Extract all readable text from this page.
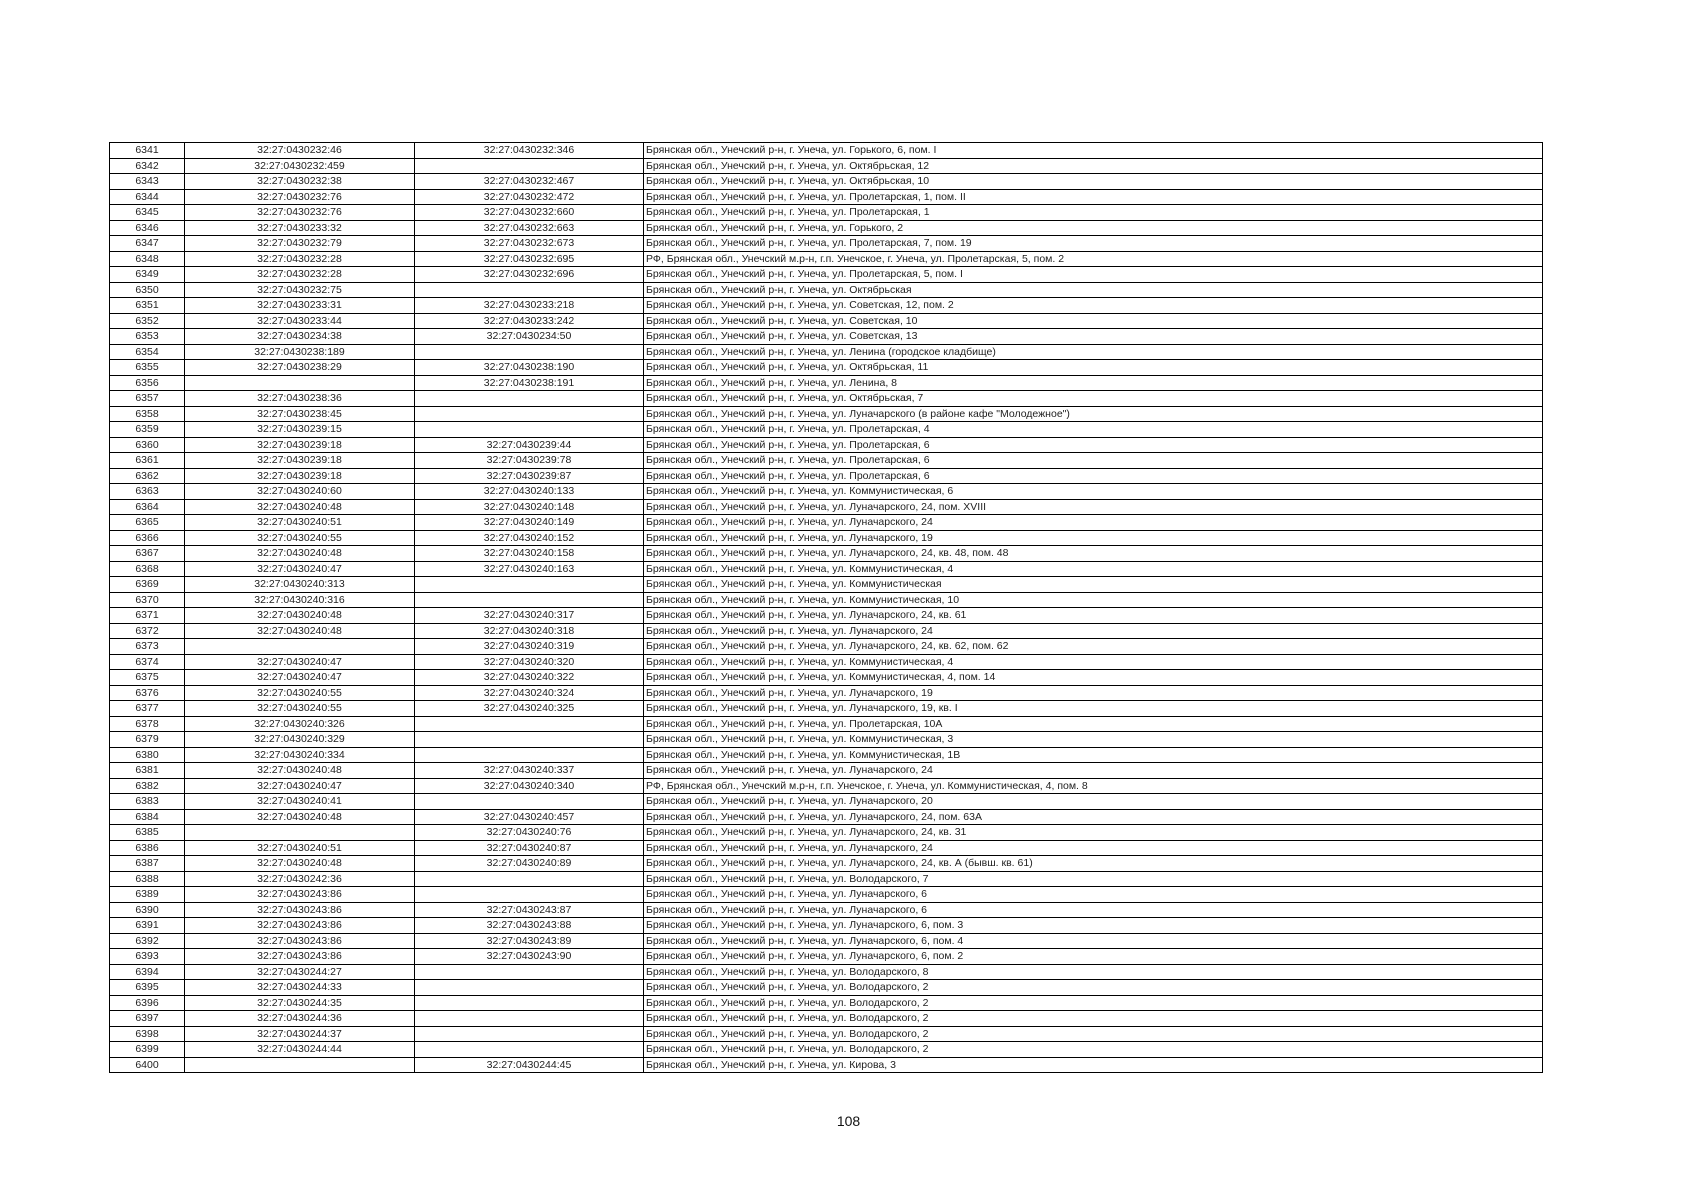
6341	32:27:0430232:46	32:27:0430232:346	Брянская обл., Унечский р-н, г. Унеча, ул. Горького, 6, пом. I
6342	32:27:0430232:459		Брянская обл., Унечский р-н, г. Унеча, ул. Октябрьская, 12
6343	32:27:0430232:38	32:27:0430232:467	Брянская обл., Унечский р-н, г. Унеча, ул. Октябрьская, 10
6344	32:27:0430232:76	32:27:0430232:472	Брянская обл., Унечский р-н, г. Унеча, ул. Пролетарская, 1, пом. II
6345	32:27:0430232:76	32:27:0430232:660	Брянская обл., Унечский р-н, г. Унеча, ул. Пролетарская, 1
6346	32:27:0430233:32	32:27:0430232:663	Брянская обл., Унечский р-н, г. Унеча, ул. Горького, 2
6347	32:27:0430232:79	32:27:0430232:673	Брянская обл., Унечский р-н, г. Унеча, ул. Пролетарская, 7, пом. 19
6348	32:27:0430232:28	32:27:0430232:695	РФ, Брянская обл., Унечский м.р-н, г.п. Унечское, г. Унеча, ул. Пролетарская, 5, пом. 2
6349	32:27:0430232:28	32:27:0430232:696	Брянская обл., Унечский р-н, г. Унеча, ул. Пролетарская, 5, пом. I
6350	32:27:0430232:75		Брянская обл., Унечский р-н, г. Унеча, ул. Октябрьская
6351	32:27:0430233:31	32:27:0430233:218	Брянская обл., Унечский р-н, г. Унеча, ул. Советская, 12, пом. 2
6352	32:27:0430233:44	32:27:0430233:242	Брянская обл., Унечский р-н, г. Унеча, ул. Советская, 10
6353	32:27:0430234:38	32:27:0430234:50	Брянская обл., Унечский р-н, г. Унеча, ул. Советская, 13
6354	32:27:0430238:189		Брянская обл., Унечский р-н, г. Унеча, ул. Ленина (городское кладбище)
6355	32:27:0430238:29	32:27:0430238:190	Брянская обл., Унечский р-н, г. Унеча, ул. Октябрьская, 11
6356		32:27:0430238:191	Брянская обл., Унечский р-н, г. Унеча, ул. Ленина, 8
6357	32:27:0430238:36		Брянская обл., Унечский р-н, г. Унеча, ул. Октябрьская, 7
6358	32:27:0430238:45		Брянская обл., Унечский р-н, г. Унеча, ул. Луначарского (в районе кафе "Молодежное")
6359	32:27:0430239:15		Брянская обл., Унечский р-н, г. Унеча, ул. Пролетарская, 4
6360	32:27:0430239:18	32:27:0430239:44	Брянская обл., Унечский р-н, г. Унеча, ул. Пролетарская, 6
6361	32:27:0430239:18	32:27:0430239:78	Брянская обл., Унечский р-н, г. Унеча, ул. Пролетарская, 6
6362	32:27:0430239:18	32:27:0430239:87	Брянская обл., Унечский р-н, г. Унеча, ул. Пролетарская, 6
6363	32:27:0430240:60	32:27:0430240:133	Брянская обл., Унечский р-н, г. Унеча, ул. Коммунистическая, 6
6364	32:27:0430240:48	32:27:0430240:148	Брянская обл., Унечский р-н, г. Унеча, ул. Луначарского, 24, пом. XVIII
6365	32:27:0430240:51	32:27:0430240:149	Брянская обл., Унечский р-н, г. Унеча, ул. Луначарского, 24
6366	32:27:0430240:55	32:27:0430240:152	Брянская обл., Унечский р-н, г. Унеча, ул. Луначарского, 19
6367	32:27:0430240:48	32:27:0430240:158	Брянская обл., Унечский р-н, г. Унеча, ул. Луначарского, 24, кв. 48, пом. 48
6368	32:27:0430240:47	32:27:0430240:163	Брянская обл., Унечский р-н, г. Унеча, ул. Коммунистическая, 4
6369	32:27:0430240:313		Брянская обл., Унечский р-н, г. Унеча, ул. Коммунистическая
6370	32:27:0430240:316		Брянская обл., Унечский р-н, г. Унеча, ул. Коммунистическая, 10
6371	32:27:0430240:48	32:27:0430240:317	Брянская обл., Унечский р-н, г. Унеча, ул. Луначарского, 24, кв. 61
6372	32:27:0430240:48	32:27:0430240:318	Брянская обл., Унечский р-н, г. Унеча, ул. Луначарского, 24
6373		32:27:0430240:319	Брянская обл., Унечский р-н, г. Унеча, ул. Луначарского, 24, кв. 62, пом. 62
6374	32:27:0430240:47	32:27:0430240:320	Брянская обл., Унечский р-н, г. Унеча, ул. Коммунистическая, 4
6375	32:27:0430240:47	32:27:0430240:322	Брянская обл., Унечский р-н, г. Унеча, ул. Коммунистическая, 4, пом. 14
6376	32:27:0430240:55	32:27:0430240:324	Брянская обл., Унечский р-н, г. Унеча, ул. Луначарского, 19
6377	32:27:0430240:55	32:27:0430240:325	Брянская обл., Унечский р-н, г. Унеча, ул. Луначарского, 19, кв. I
6378	32:27:0430240:326		Брянская обл., Унечский р-н, г. Унеча, ул. Пролетарская, 10А
6379	32:27:0430240:329		Брянская обл., Унечский р-н, г. Унеча, ул. Коммунистическая, 3
6380	32:27:0430240:334		Брянская обл., Унечский р-н, г. Унеча, ул. Коммунистическая, 1В
6381	32:27:0430240:48	32:27:0430240:337	Брянская обл., Унечский р-н, г. Унеча, ул. Луначарского, 24
6382	32:27:0430240:47	32:27:0430240:340	РФ, Брянская обл., Унечский м.р-н, г.п. Унечское, г. Унеча, ул. Коммунистическая, 4, пом. 8
6383	32:27:0430240:41		Брянская обл., Унечский р-н, г. Унеча, ул. Луначарского, 20
6384	32:27:0430240:48	32:27:0430240:457	Брянская обл., Унечский р-н, г. Унеча, ул. Луначарского, 24, пом. 63А
6385		32:27:0430240:76	Брянская обл., Унечский р-н, г. Унеча, ул. Луначарского, 24, кв. 31
6386	32:27:0430240:51	32:27:0430240:87	Брянская обл., Унечский р-н, г. Унеча, ул. Луначарского, 24
6387	32:27:0430240:48	32:27:0430240:89	Брянская обл., Унечский р-н, г. Унеча, ул. Луначарского, 24, кв. А (бывш. кв. 61)
6388	32:27:0430242:36		Брянская обл., Унечский р-н, г. Унеча, ул. Володарского, 7
6389	32:27:0430243:86		Брянская обл., Унечский р-н, г. Унеча, ул. Луначарского, 6
6390	32:27:0430243:86	32:27:0430243:87	Брянская обл., Унечский р-н, г. Унеча, ул. Луначарского, 6
6391	32:27:0430243:86	32:27:0430243:88	Брянская обл., Унечский р-н, г. Унеча, ул. Луначарского, 6, пом. 3
6392	32:27:0430243:86	32:27:0430243:89	Брянская обл., Унечский р-н, г. Унеча, ул. Луначарского, 6, пом. 4
6393	32:27:0430243:86	32:27:0430243:90	Брянская обл., Унечский р-н, г. Унеча, ул. Луначарского, 6, пом. 2
6394	32:27:0430244:27		Брянская обл., Унечский р-н, г. Унеча, ул. Володарского, 8
6395	32:27:0430244:33		Брянская обл., Унечский р-н, г. Унеча, ул. Володарского, 2
6396	32:27:0430244:35		Брянская обл., Унечский р-н, г. Унеча, ул. Володарского, 2
6397	32:27:0430244:36		Брянская обл., Унечский р-н, г. Унеча, ул. Володарского, 2
6398	32:27:0430244:37		Брянская обл., Унечский р-н, г. Унеча, ул. Володарского, 2
6399	32:27:0430244:44		Брянская обл., Унечский р-н, г. Унеча, ул. Володарского, 2
6400		32:27:0430244:45	Брянская обл., Унечский р-н, г. Унеча, ул. Кирова, 3
108
